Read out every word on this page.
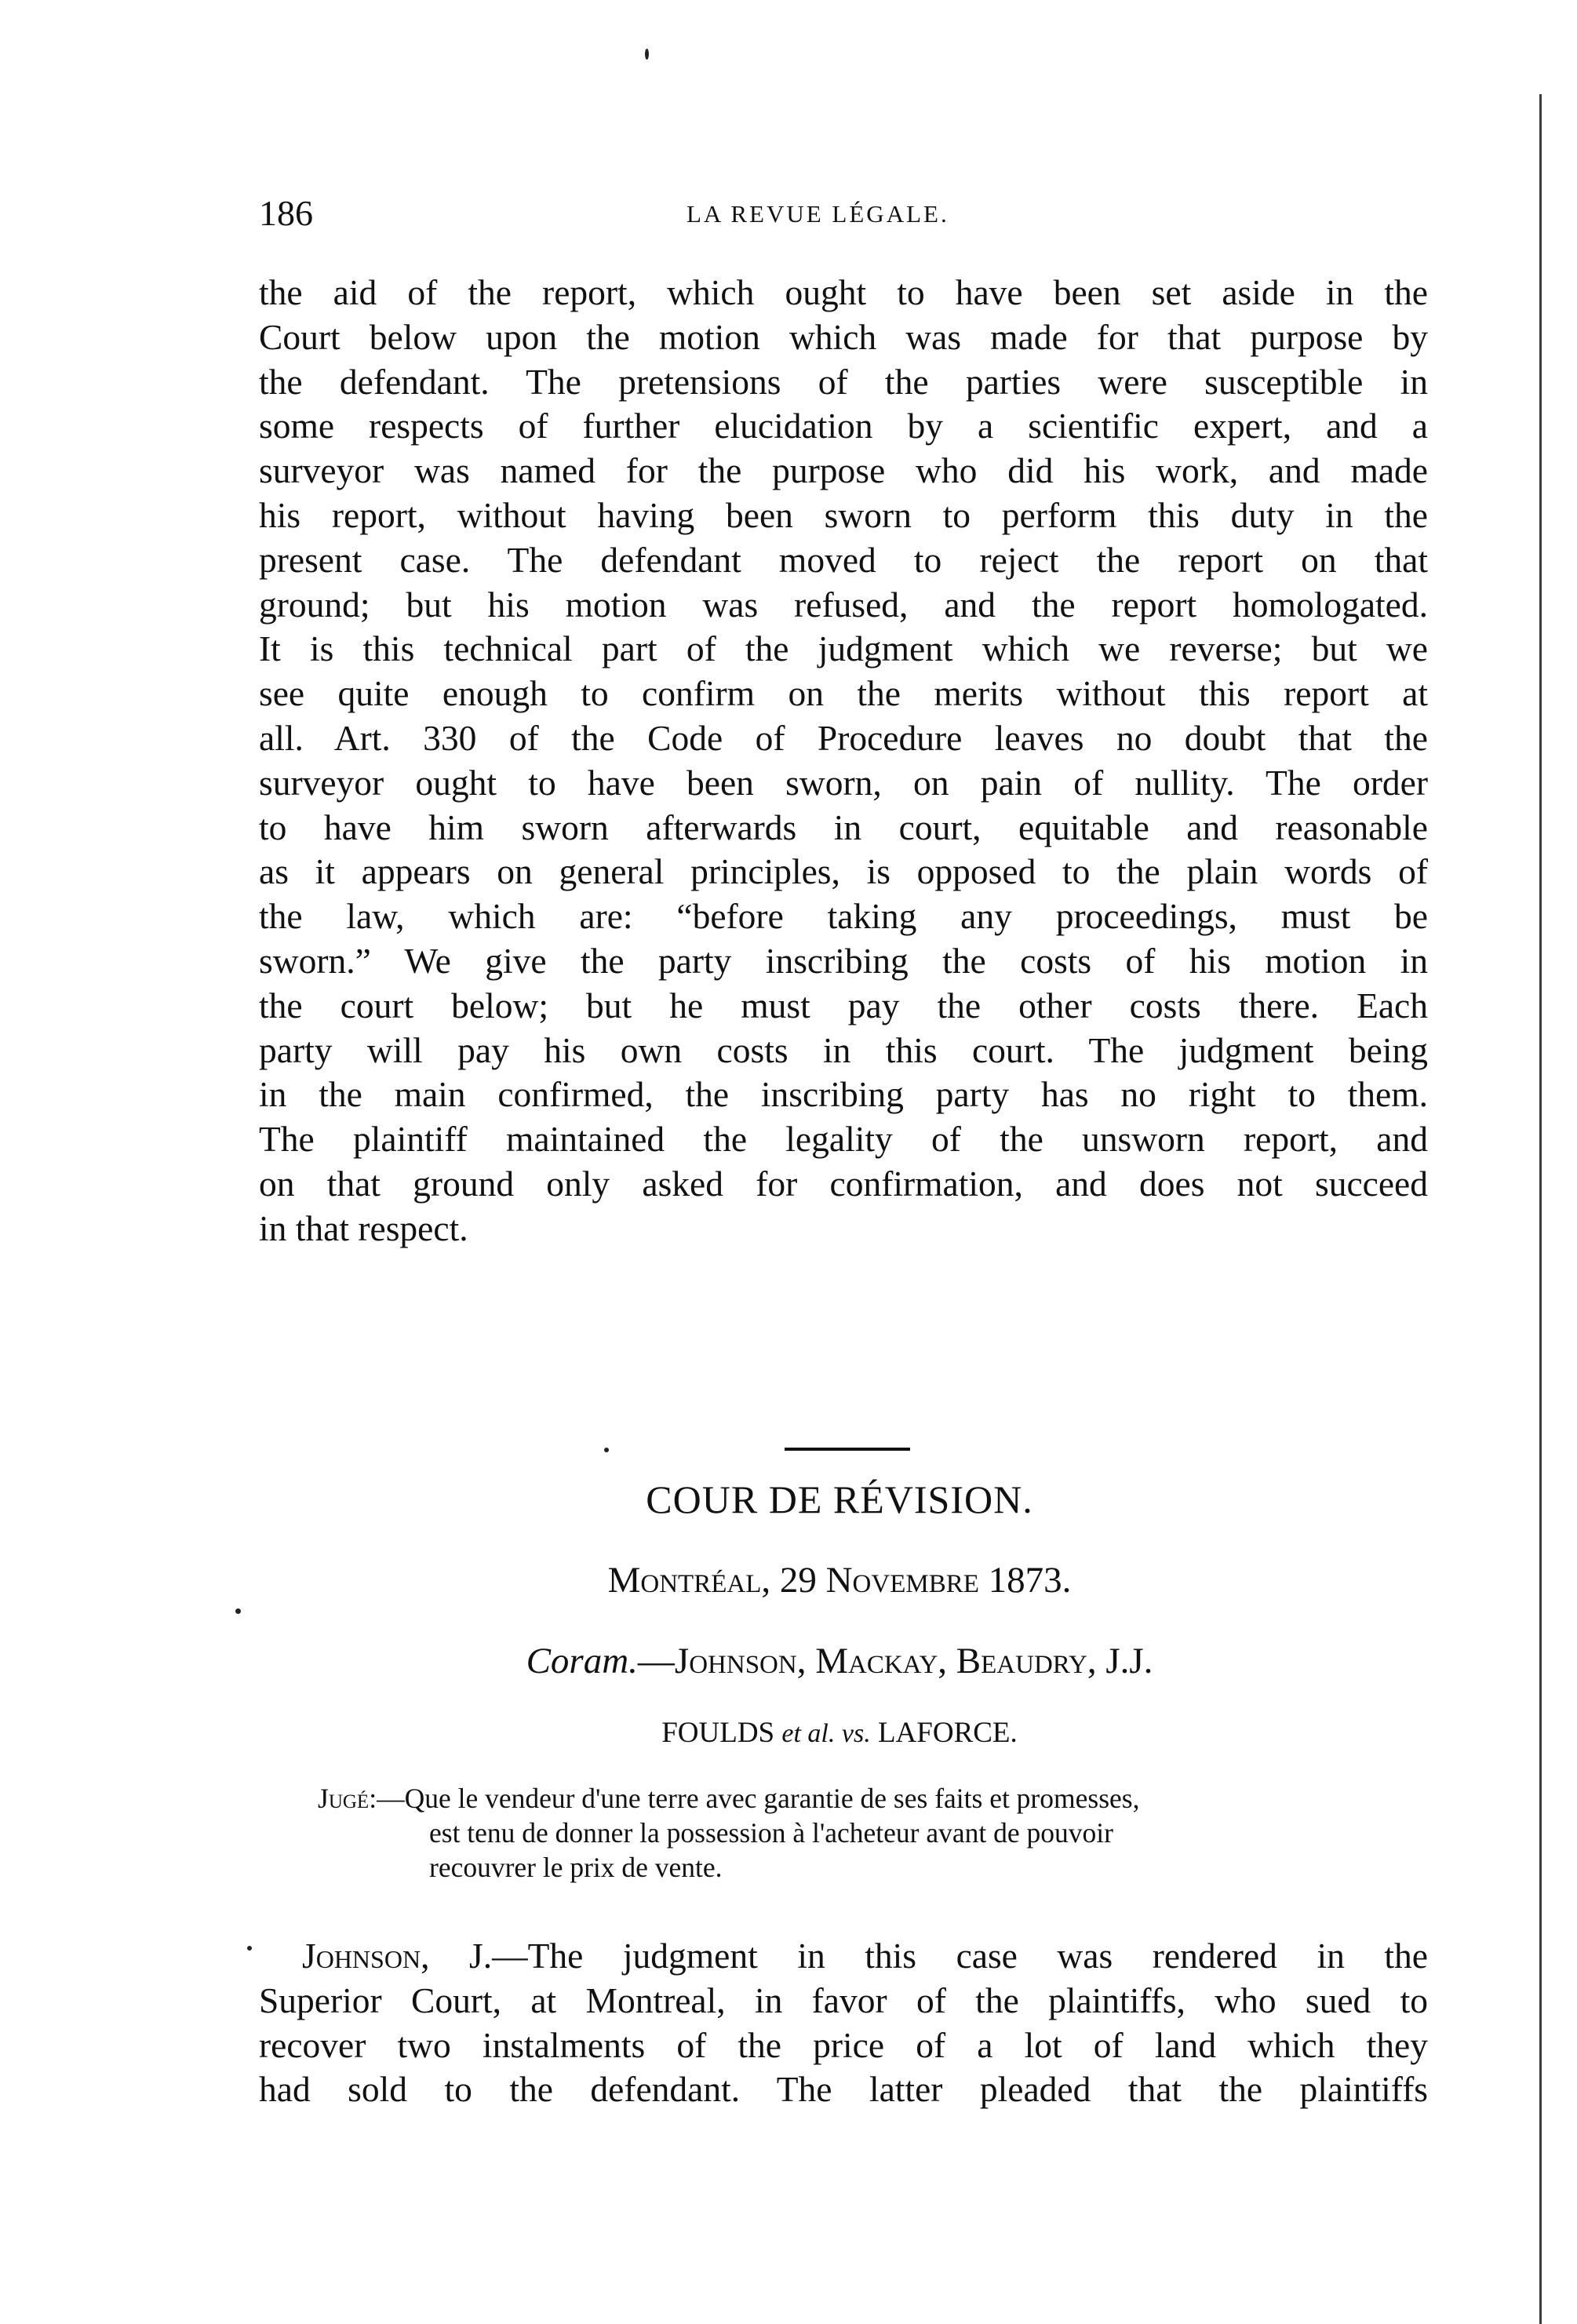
186	LA REVUE LÉGALE.

the aid of the report, which ought to have been set aside in the
Court below upon the motion which was made for that purpose by
the defendant. The pretensions of the parties were susceptible in
some respects of further elucidation by a scientific expert, and a
surveyor was named for the purpose who did his work, and made
his report, without having been sworn to perform this duty in the
present case. The defendant moved to reject the report on that
ground; but his motion was refused, and the report homologated.
It is this technical part of the judgment which we reverse; but we
see quite enough to confirm on the merits without this report at
all. Art. 330 of the Code of Procedure leaves no doubt that the
surveyor ought to have been sworn, on pain of nullity. The order
to have him sworn afterwards in court, equitable and reasonable
as it appears on general principles, is opposed to the plain words of
the law, which are: “before taking any proceedings, must be
sworn.” We give the party inscribing the costs of his motion in
the court below; but he must pay the other costs there. Each
party will pay his own costs in this court. The judgment being
in the main confirmed, the inscribing party has no right to them.
The plaintiff maintained the legality of the unsworn report, and
on that ground only asked for confirmation, and does not succeed
in that respect.

COUR DE RÉVISION.
Montréal, 29 Novembre 1873.
Coram.—Johnson, Mackay, Beaudry, J.J.
FOULDS et al. vs. LAFORCE.
Jugé:—Que le vendeur d'une terre avec garantie de ses faits et promesses,
est tenu de donner la possession à l'acheteur avant de pouvoir
recouvrer le prix de vente.

Johnson, J.—The judgment in this case was rendered in the
Superior Court, at Montreal, in favor of the plaintiffs, who sued to
recover two instalments of the price of a lot of land which they
had sold to the defendant. The latter pleaded that the plaintiffs
